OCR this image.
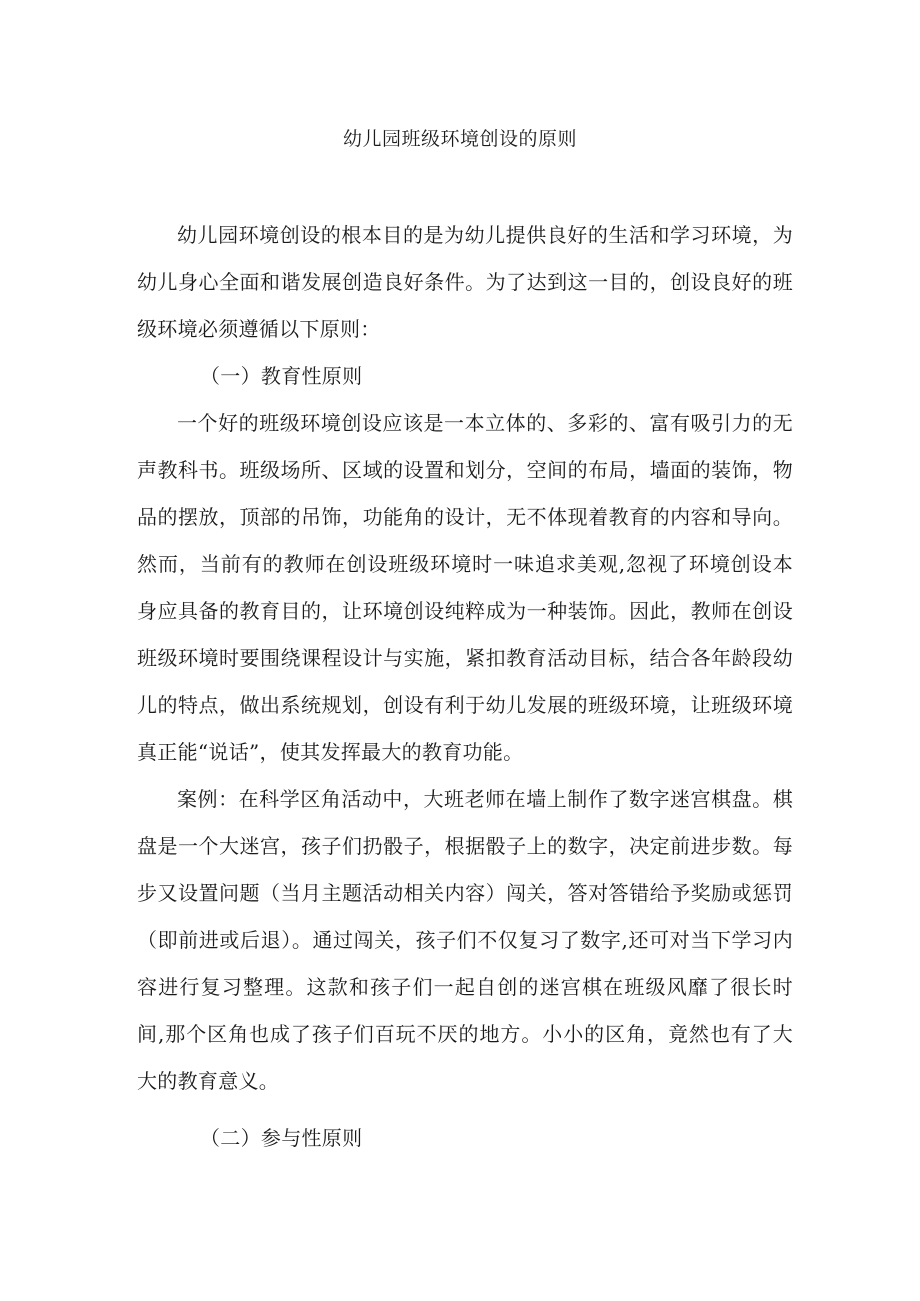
幼儿园班级环境创设的原则

幼儿园环境创设的根本目的是为幼儿提供良好的生活和学习环境，为幼儿身心全面和谐发展创造良好条件。为了达到这一目的，创设良好的班级环境必须遵循以下原则：

（一）教育性原则

一个好的班级环境创设应该是一本立体的、多彩的、富有吸引力的无声教科书。班级场所、区域的设置和划分，空间的布局，墙面的装饰，物品的摆放，顶部的吊饰，功能角的设计，无不体现着教育的内容和导向。然而，当前有的教师在创设班级环境时一味追求美观,忽视了环境创设本身应具备的教育目的，让环境创设纯粹成为一种装饰。因此，教师在创设班级环境时要围绕课程设计与实施，紧扣教育活动目标，结合各年龄段幼儿的特点，做出系统规划，创设有利于幼儿发展的班级环境，让班级环境真正能“说话”，使其发挥最大的教育功能。

案例：在科学区角活动中，大班老师在墙上制作了数字迷宫棋盘。棋盘是一个大迷宫，孩子们扔骰子，根据骰子上的数字，决定前进步数。每步又设置问题（当月主题活动相关内容）闯关，答对答错给予奖励或惩罚（即前进或后退）。通过闯关，孩子们不仅复习了数字,还可对当下学习内容进行复习整理。这款和孩子们一起自创的迷宫棋在班级风靡了很长时间,那个区角也成了孩子们百玩不厌的地方。小小的区角，竟然也有了大大的教育意义。

（二）参与性原则
